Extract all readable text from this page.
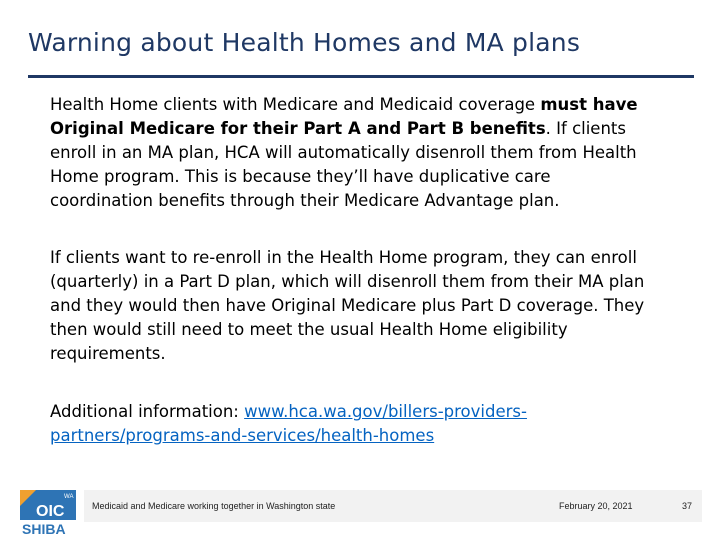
Warning about Health Homes and MA plans

Health Home clients with Medicare and Medicaid coverage must have Original Medicare for their Part A and Part B benefits. If clients enroll in an MA plan, HCA will automatically disenroll them from Health Home program. This is because they’ll have duplicative care coordination benefits through their Medicare Advantage plan.

If clients want to re-enroll in the Health Home program, they can enroll (quarterly) in a Part D plan, which will disenroll them from their MA plan and they would then have Original Medicare plus Part D coverage. They then would still need to meet the usual Health Home eligibility requirements.

Additional information: www.hca.wa.gov/billers-providers-partners/programs-and-services/health-homes

WA
OIC
SHIBA
Medicaid and Medicare working together in Washington state	February 20, 2021	37
